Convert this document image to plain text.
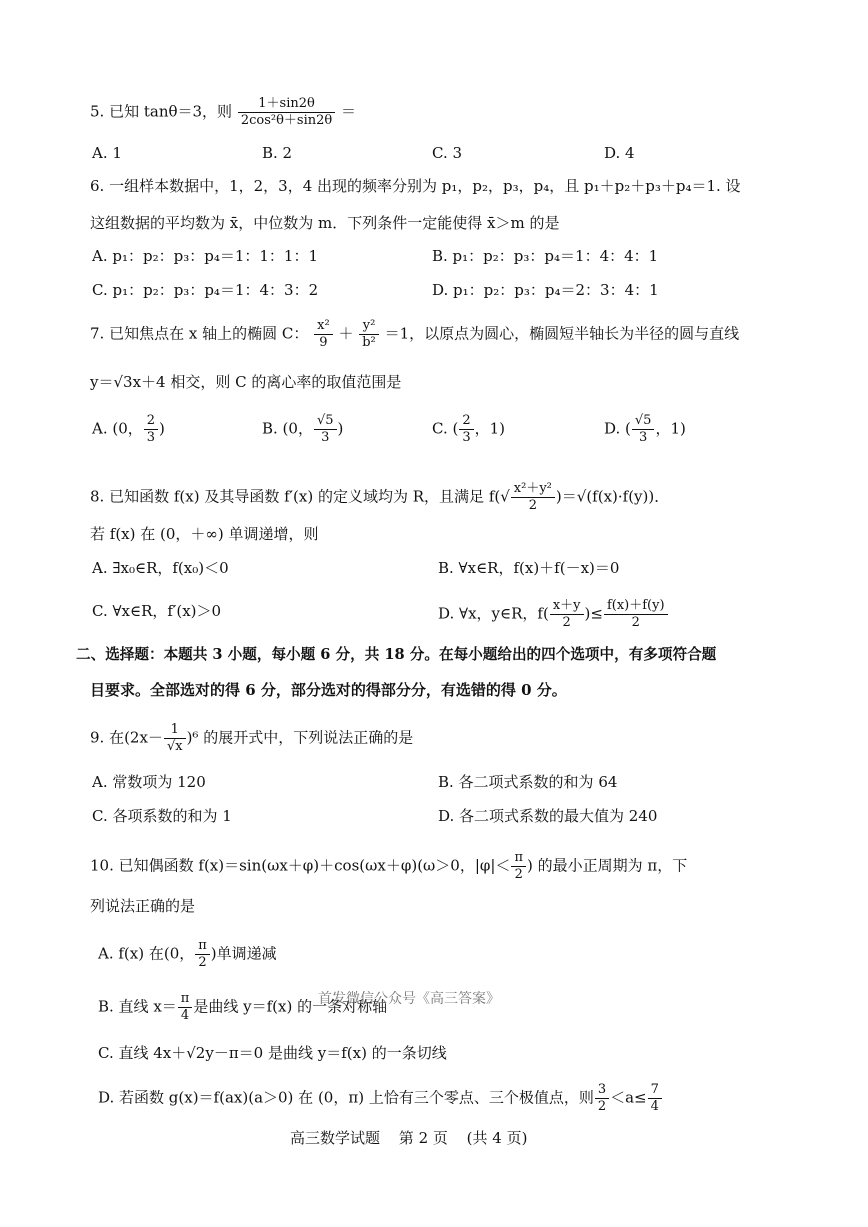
5. 已知 tanθ＝3，则 $\frac{1+\sin 2\theta}{\text{2cos²θ＋sin2θ}}$ ＝
A. 1	B. 2	C. 3	D. 4
6. 一组样本数据中，1，2，3，4 出现的频率分别为 p₁，p₂，p₃，p₄，且 p₁＋p₂＋p₃＋p₄＝1. 设
这组数据的平均数为 x̄，中位数为 m．下列条件一定能使得 x̄＞m 的是
A. p₁：p₂：p₃：p₄＝1：1：1：1	B. p₁：p₂：p₃：p₄＝1：4：4：1
C. p₁：p₂：p₃：p₄＝1：4：3：2	D. p₁：p₂：p₃：p₄＝2：3：4：1
7. 已知焦点在 x 轴上的椭圆 C： $\frac{\text{x²}}{9} + \frac{\text{y²}}{\text{b²}} =1$，以原点为圆心，椭圆短半轴长为半径的圆与直线
y＝√3x＋4 相交，则 C 的离心率的取值范围是
A. (0， $\frac{2}{3}$ )	B. (0， $\frac{√5}{3}$ )	C. ( $\frac{2}{3}$ ，1)	D. ( $\frac{√5}{3}$ ，1)
8. 已知函数 f(x) 及其导函数 f′(x) 的定义域均为 R，且满足 $f(√ \frac{\text{x²＋y²}}{2} )=√(f(x)\cdot f(y))$．
若 f(x) 在 (0，＋∞) 单调递增，则
A. ∃x₀∈R，f(x₀)＜0	B. ∀x∈R，f(x)＋f(－x)＝0
C. ∀x∈R，f′(x)＞0	D. ∀x，y∈R，$f( \frac{x+y}{2}$ )≤ $\frac{f(x)+f(y)}{2}$
二、选择题：本题共 3 小题，每小题 6 分，共 18 分。在每小题给出的四个选项中，有多项符合题
目要求。全部选对的得 6 分，部分选对的得部分分，有选错的得 0 分。
9. 在$(2x- \frac{1}{√x} )^6$ 的展开式中，下列说法正确的是
A. 常数项为 120	B. 各二项式系数的和为 64
C. 各项系数的和为 1	D. 各二项式系数的最大值为 240
10. 已知偶函数 f(x)＝sin(ωx＋φ)＋cos(ωx＋φ)(ω＞0，$|\varphi|< \frac{\pi}{2}$ ) 的最小正周期为 π，下
列说法正确的是
A. f(x) 在(0， $\frac{\pi}{2}$ )单调递减
B. 直线 $x= \frac{\pi}{4}$ 是曲线 y＝f(x) 的一条对称轴
C. 直线 4x＋√2y－π＝0 是曲线 y＝f(x) 的一条切线
D. 若函数 g(x)＝f(ax)(a＞0) 在 (0，π) 上恰有三个零点、三个极值点，则 $\frac{3}{2} <a\le \frac{7}{4}$
首发微信公众号《高三答案》
高三数学试题 第 2 页 (共 4 页)
